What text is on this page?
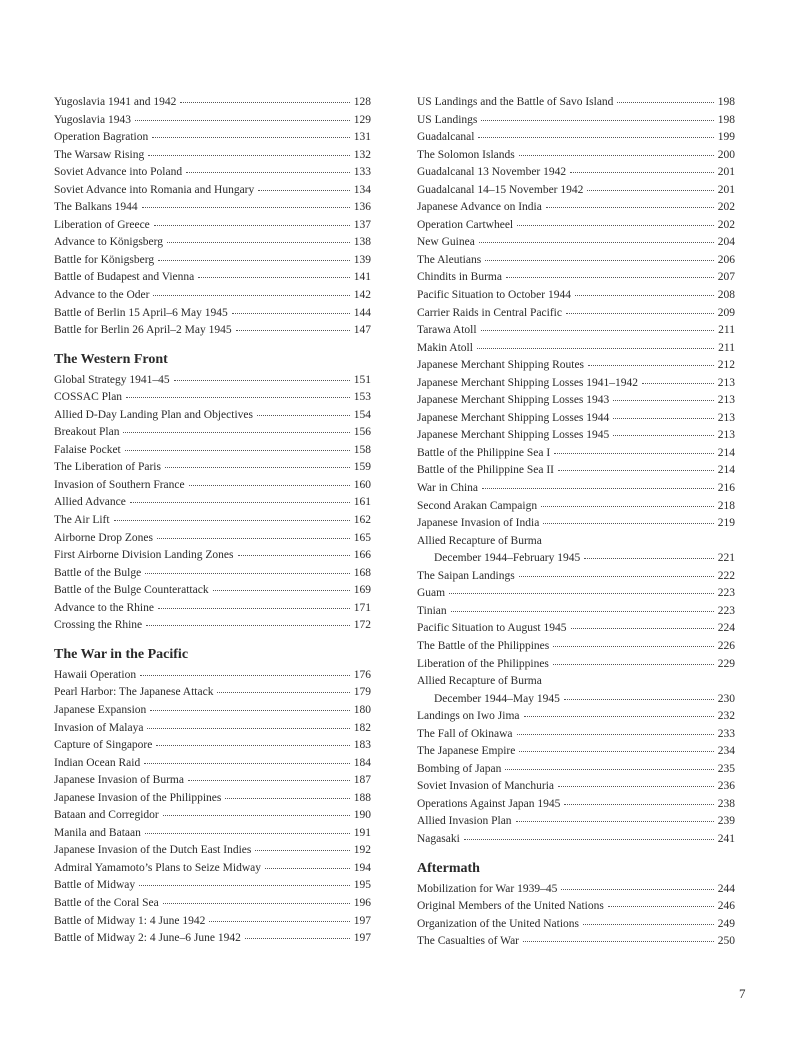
Yugoslavia 1941 and 1942	128
Yugoslavia 1943	129
Operation Bagration	131
The Warsaw Rising	132
Soviet Advance into Poland	133
Soviet Advance into Romania and Hungary	134
The Balkans 1944	136
Liberation of Greece	137
Advance to Königsberg	138
Battle for Königsberg	139
Battle of Budapest and Vienna	141
Advance to the Oder	142
Battle of Berlin 15 April–6 May 1945	144
Battle for Berlin 26 April–2 May 1945	147
The Western Front
Global Strategy 1941–45	151
COSSAC Plan	153
Allied D-Day Landing Plan and Objectives	154
Breakout Plan	156
Falaise Pocket	158
The Liberation of Paris	159
Invasion of Southern France	160
Allied Advance	161
The Air Lift	162
Airborne Drop Zones	165
First Airborne Division Landing Zones	166
Battle of the Bulge	168
Battle of the Bulge Counterattack	169
Advance to the Rhine	171
Crossing the Rhine	172
The War in the Pacific
Hawaii Operation	176
Pearl Harbor: The Japanese Attack	179
Japanese Expansion	180
Invasion of Malaya	182
Capture of Singapore	183
Indian Ocean Raid	184
Japanese Invasion of Burma	187
Japanese Invasion of the Philippines	188
Bataan and Corregidor	190
Manila and Bataan	191
Japanese Invasion of the Dutch East Indies	192
Admiral Yamamoto’s Plans to Seize Midway	194
Battle of Midway	195
Battle of the Coral Sea	196
Battle of Midway 1: 4 June 1942	197
Battle of Midway 2: 4 June–6 June 1942	197
US Landings and the Battle of Savo Island	198
US Landings	198
Guadalcanal	199
The Solomon Islands	200
Guadalcanal 13 November 1942	201
Guadalcanal 14–15 November 1942	201
Japanese Advance on India	202
Operation Cartwheel	202
New Guinea	204
The Aleutians	206
Chindits in Burma	207
Pacific Situation to October 1944	208
Carrier Raids in Central Pacific	209
Tarawa Atoll	211
Makin Atoll	211
Japanese Merchant Shipping Routes	212
Japanese Merchant Shipping Losses 1941–1942	213
Japanese Merchant Shipping Losses 1943	213
Japanese Merchant Shipping Losses 1944	213
Japanese Merchant Shipping Losses 1945	213
Battle of the Philippine Sea I	214
Battle of the Philippine Sea II	214
War in China	216
Second Arakan Campaign	218
Japanese Invasion of India	219
Allied Recapture of Burma
December 1944–February 1945	221
The Saipan Landings	222
Guam	223
Tinian	223
Pacific Situation to August 1945	224
The Battle of the Philippines	226
Liberation of the Philippines	229
Allied Recapture of Burma
December 1944–May 1945	230
Landings on Iwo Jima	232
The Fall of Okinawa	233
The Japanese Empire	234
Bombing of Japan	235
Soviet Invasion of Manchuria	236
Operations Against Japan 1945	238
Allied Invasion Plan	239
Nagasaki	241
Aftermath
Mobilization for War 1939–45	244
Original Members of the United Nations	246
Organization of the United Nations	249
The Casualties of War	250
7
